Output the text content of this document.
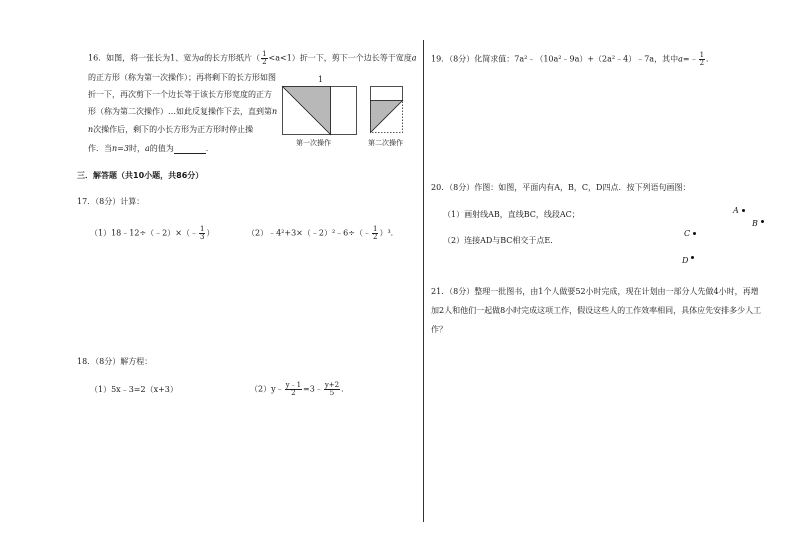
16．如图，将一张长为1、宽为a的长方形纸片（ $\frac{1}{2} <a<1$）折一下，剪下一个边长等于宽度a
的正方形（称为第一次操作）；再将剩下的长方形如图
折一下，再次剪下一个边长等于该长方形宽度的正方
形（称为第二次操作）…如此反复操作下去，直到第n
n次操作后，剩下的小长方形为正方形时停止操
作．当n=3时，a的值为	．
1
第一次操作	第二次操作
三．解答题（共10小题，共86分）
17．（8分）计算：
（1）18﹣12÷（﹣2）×（﹣ $\frac{1}{3}$ ）	（2）﹣4²+3×（﹣2）²﹣6÷（﹣ $\frac{1}{2} )^3$．
18．（8分）解方程：
（1）5x﹣3=2（x+3）	（2）y﹣ $\frac{y﹣1}{2}$ =3﹣ $\frac{y+2}{5}$ ．
19．（8分）化简求值：7a²﹣（10a²﹣9a）+（2a²﹣4）﹣7a，其中a=﹣ $\frac{1}{2}$ ．
20．（8分）作图：如图，平面内有A，B，C，D四点．按下列语句画图：
（1）画射线AB，直线BC，线段AC；
（2）连接AD与BC相交于点E．
A
B
C
D
21．（8分）整理一批图书，由1个人做要52小时完成，现在计划由一部分人先做4小时，再增
加2人和他们一起做8小时完成这项工作，假设这些人的工作效率相同，具体应先安排多少人工
作？
